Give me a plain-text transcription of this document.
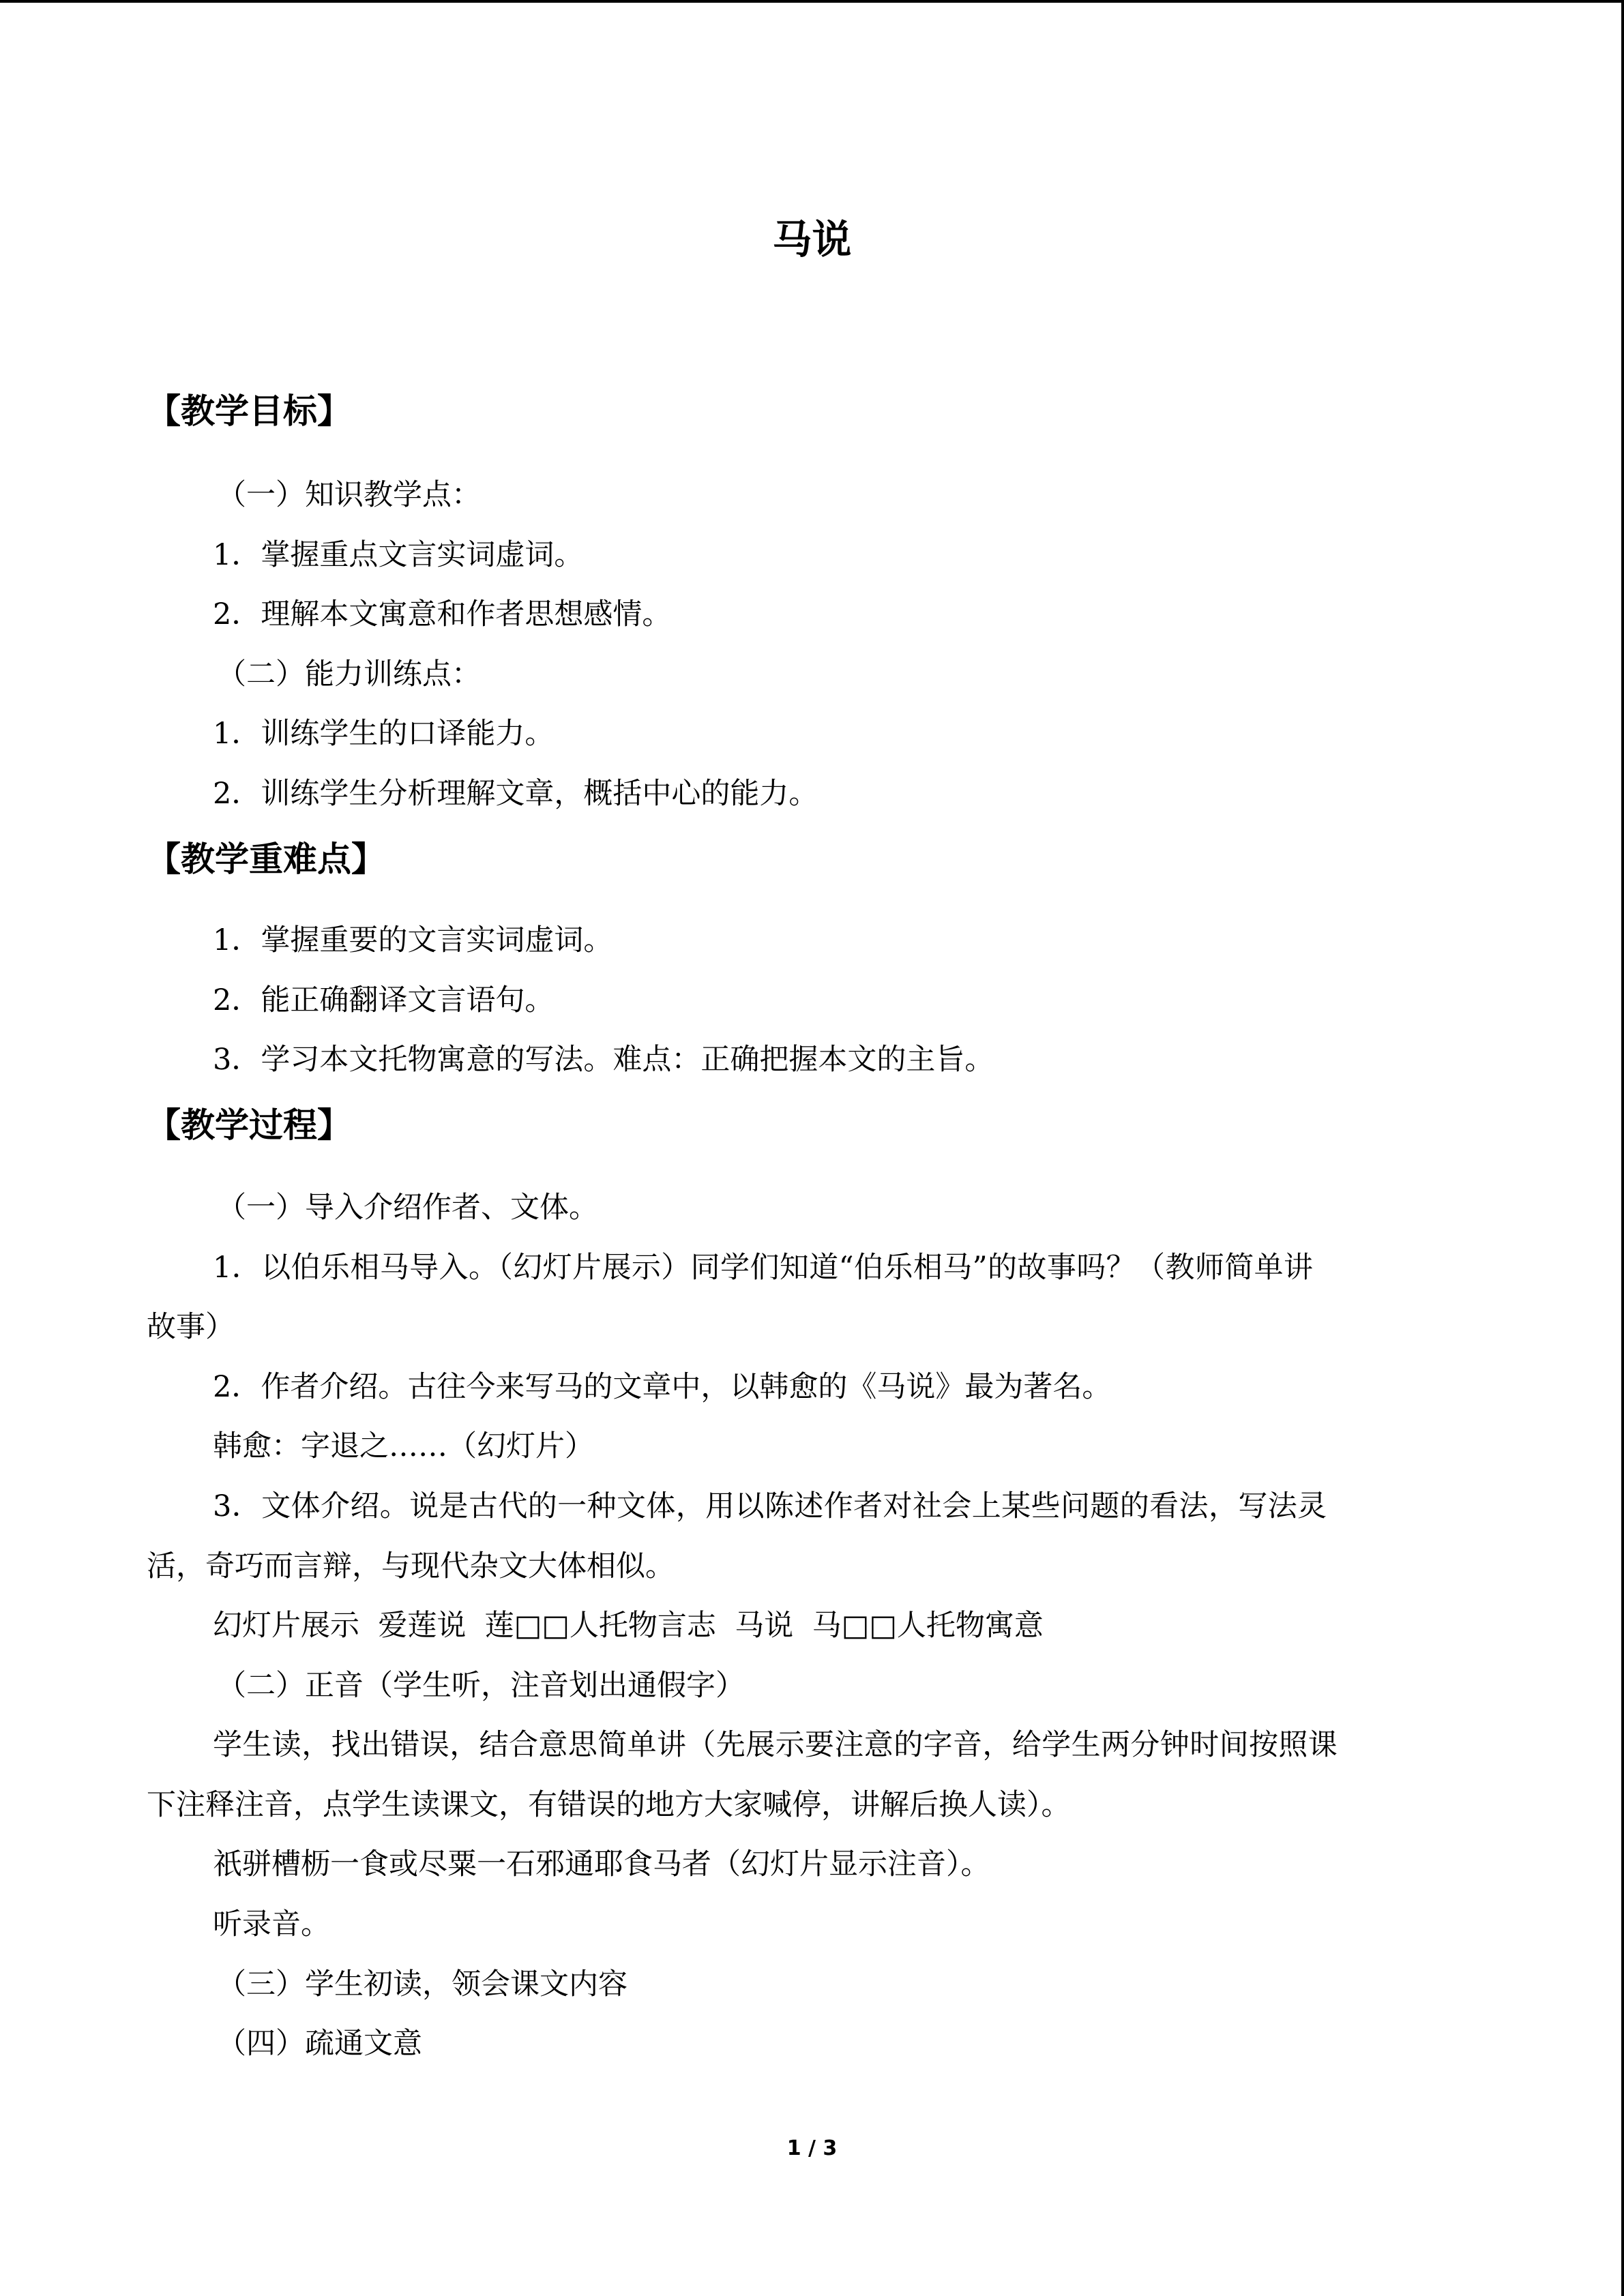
马说
【教学目标】
（一）知识教学点：
1．掌握重点文言实词虚词。
2．理解本文寓意和作者思想感情。
（二）能力训练点：
1．训练学生的口译能力。
2．训练学生分析理解文章，概括中心的能力。
【教学重难点】
1．掌握重要的文言实词虚词。
2．能正确翻译文言语句。
3．学习本文托物寓意的写法。难点：正确把握本文的主旨。
【教学过程】
（一）导入介绍作者、文体。
1．以伯乐相马导入。（幻灯片展示）同学们知道“伯乐相马”的故事吗？（教师简单讲
故事）
2．作者介绍。古往今来写马的文章中，以韩愈的《马说》最为著名。
韩愈：字退之……（幻灯片）
3．文体介绍。说是古代的一种文体，用以陈述作者对社会上某些问题的看法，写法灵
活，奇巧而言辩，与现代杂文大体相似。
幻灯片展示  爱莲说  莲□□人托物言志  马说  马□□人托物寓意
（二）正音（学生听，注音划出通假字）
学生读，找出错误，结合意思简单讲（先展示要注意的字音，给学生两分钟时间按照课
下注释注音，点学生读课文，有错误的地方大家喊停，讲解后换人读）。
祇骈槽枥一食或尽粟一石邪通耶食马者（幻灯片显示注音）。
听录音。
（三）学生初读，领会课文内容
（四）疏通文意
1 / 3
